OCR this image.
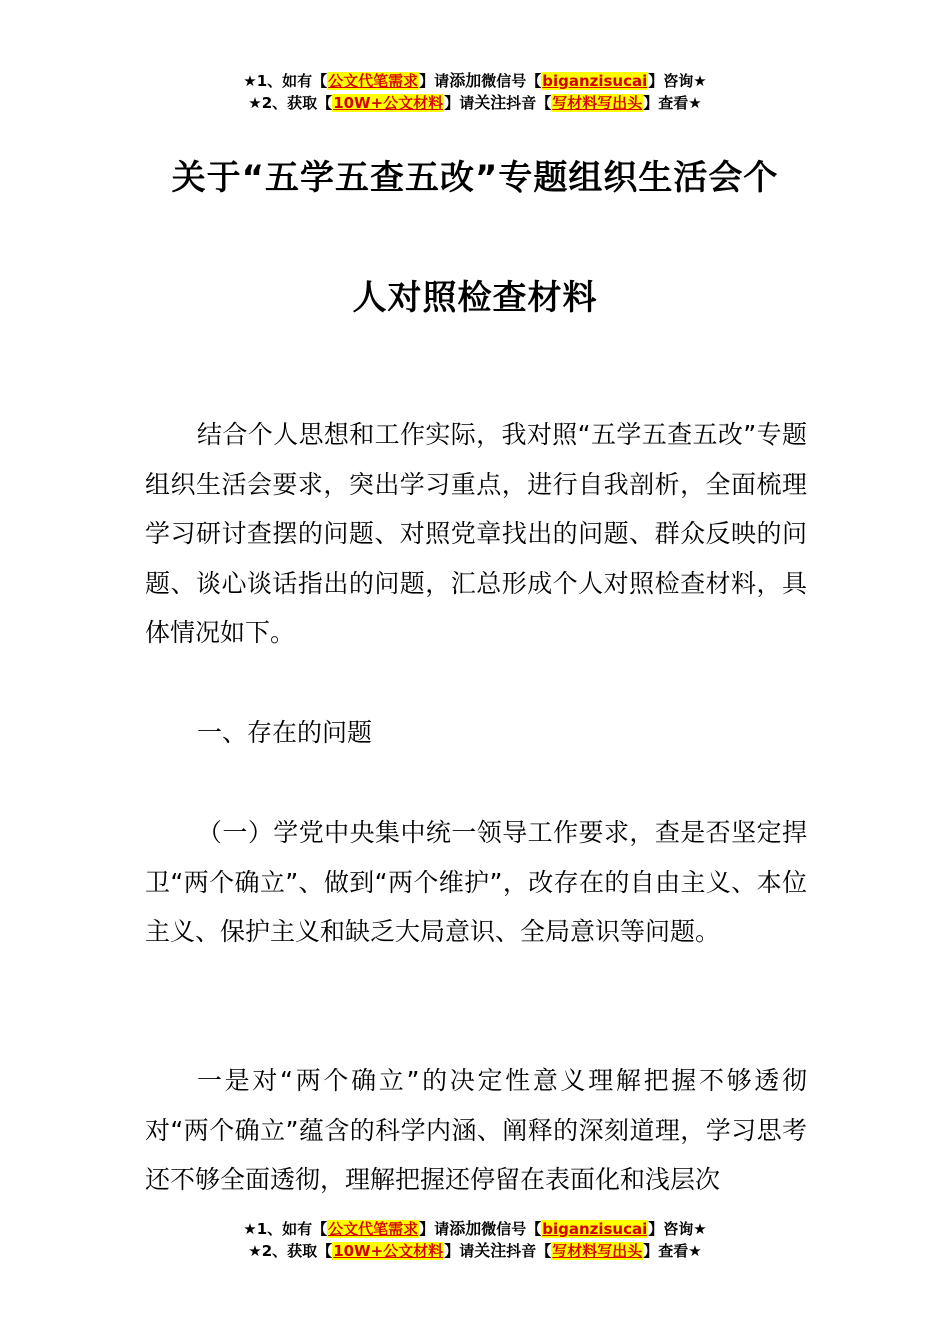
★1、如有【公文代笔需求】请添加微信号【biganzisucai】咨询★
★2、获取【10W+公文材料】请关注抖音【写材料写出头】查看★
关于“五学五查五改”专题组织生活会个
人对照检查材料

结合个人思想和工作实际，我对照“五学五查五改”专题组织生活会要求，突出学习重点，进行自我剖析，全面梳理学习研讨查摆的问题、对照党章找出的问题、群众反映的问题、谈心谈话指出的问题，汇总形成个人对照检查材料，具体情况如下。

一、存在的问题

（一）学党中央集中统一领导工作要求，查是否坚定捍卫“两个确立”、做到“两个维护”，改存在的自由主义、本位主义、保护主义和缺乏大局意识、全局意识等问题。

一是对“两个确立”的决定性意义理解把握不够透彻对“两个确立”蕴含的科学内涵、阐释的深刻道理，学习思考还不够全面透彻，理解把握还停留在表面化和浅层次

★1、如有【公文代笔需求】请添加微信号【biganzisucai】咨询★
★2、获取【10W+公文材料】请关注抖音【写材料写出头】查看★
